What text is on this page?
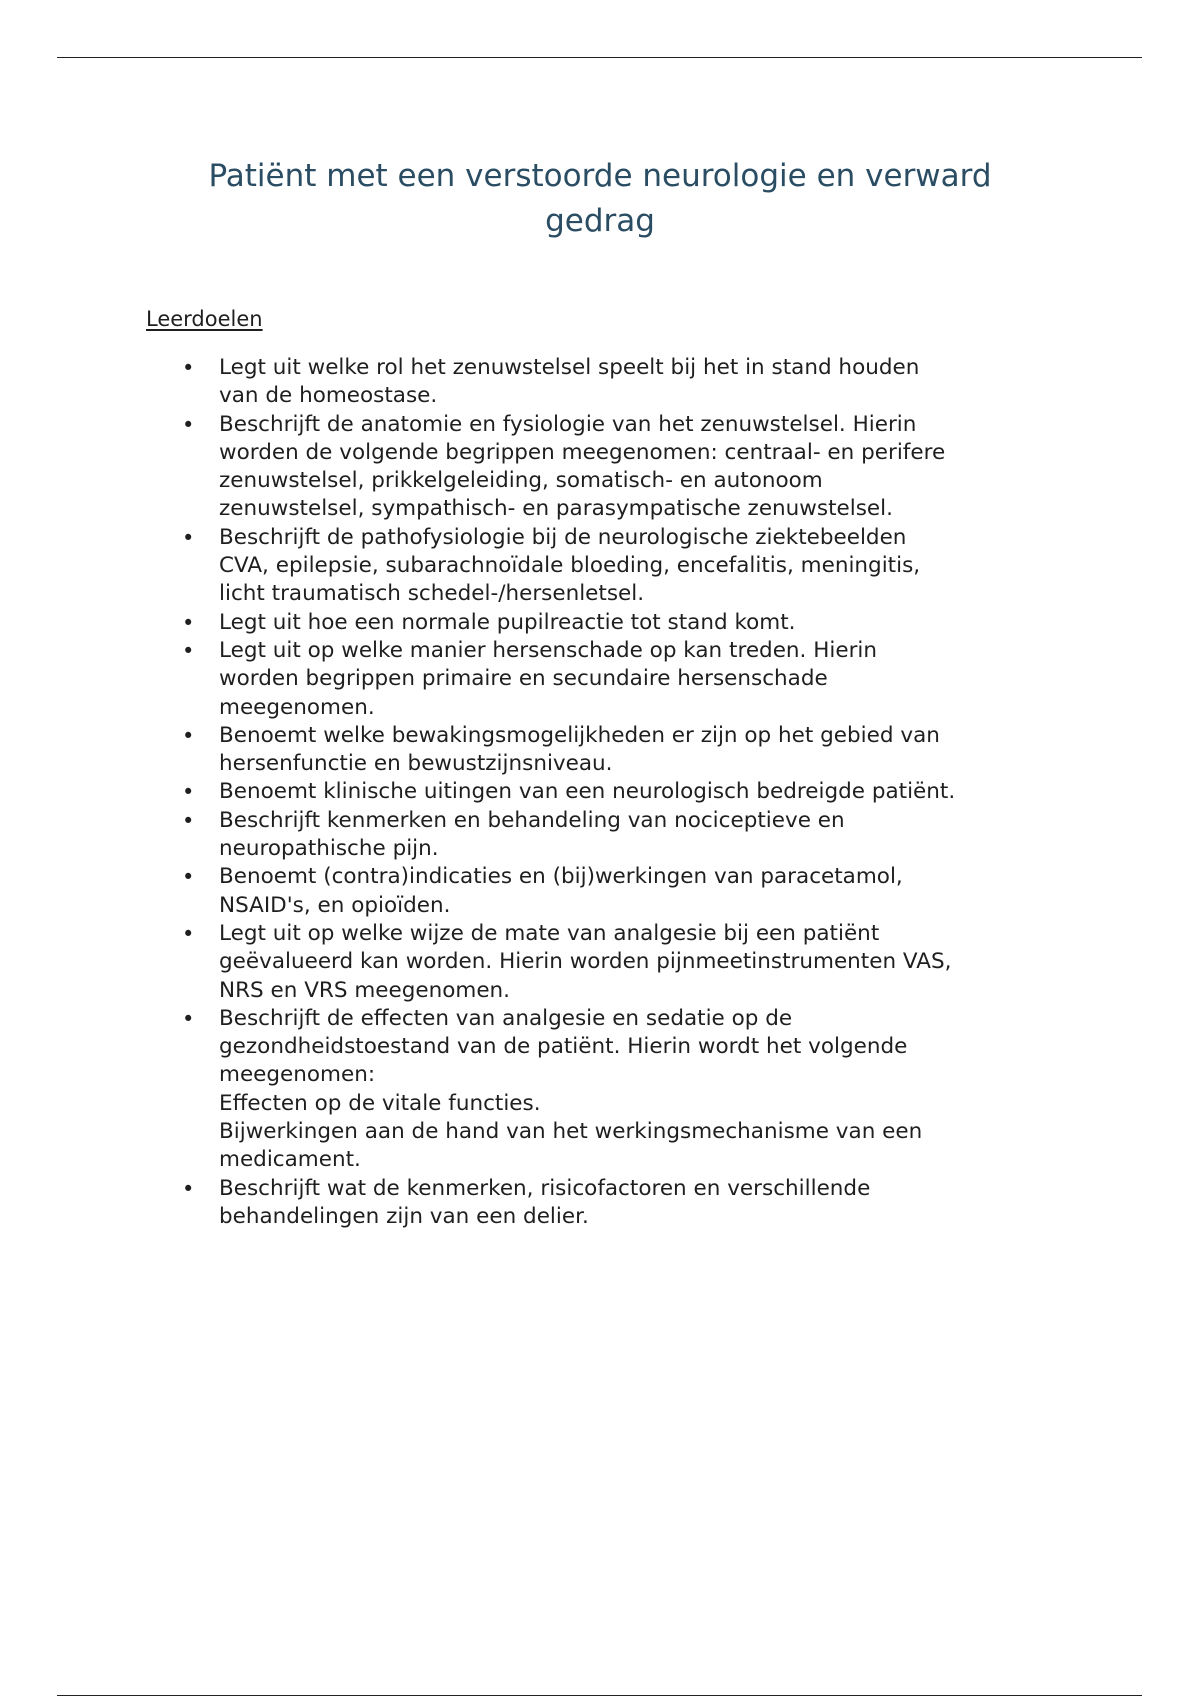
Patiënt met een verstoorde neurologie en verward
gedrag
Leerdoelen
• Legt uit welke rol het zenuwstelsel speelt bij het in stand houden
van de homeostase.
• Beschrijft de anatomie en fysiologie van het zenuwstelsel. Hierin
worden de volgende begrippen meegenomen: centraal- en perifere
zenuwstelsel, prikkelgeleiding, somatisch- en autonoom
zenuwstelsel, sympathisch- en parasympatische zenuwstelsel.
• Beschrijft de pathofysiologie bij de neurologische ziektebeelden
CVA, epilepsie, subarachnoïdale bloeding, encefalitis, meningitis,
licht traumatisch schedel-/hersenletsel.
• Legt uit hoe een normale pupilreactie tot stand komt.
• Legt uit op welke manier hersenschade op kan treden. Hierin
worden begrippen primaire en secundaire hersenschade
meegenomen.
• Benoemt welke bewakingsmogelijkheden er zijn op het gebied van
hersenfunctie en bewustzijnsniveau.
• Benoemt klinische uitingen van een neurologisch bedreigde patiënt.
• Beschrijft kenmerken en behandeling van nociceptieve en
neuropathische pijn.
• Benoemt (contra)indicaties en (bij)werkingen van paracetamol,
NSAID's, en opioïden.
• Legt uit op welke wijze de mate van analgesie bij een patiënt
geëvalueerd kan worden. Hierin worden pijnmeetinstrumenten VAS,
NRS en VRS meegenomen.
• Beschrijft de effecten van analgesie en sedatie op de
gezondheidstoestand van de patiënt. Hierin wordt het volgende
meegenomen:
Effecten op de vitale functies.
Bijwerkingen aan de hand van het werkingsmechanisme van een
medicament.
• Beschrijft wat de kenmerken, risicofactoren en verschillende
behandelingen zijn van een delier.
